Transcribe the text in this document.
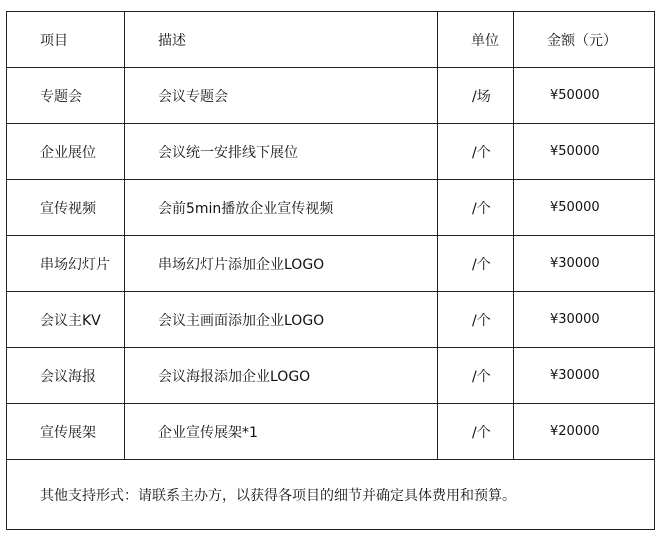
项目	描述	单位	金额（元）
专题会	会议专题会	/场	¥50000
企业展位	会议统一安排线下展位	/个	¥50000
宣传视频	会前5min播放企业宣传视频	/个	¥50000
串场幻灯片	串场幻灯片添加企业LOGO	/个	¥30000
会议主KV	会议主画面添加企业LOGO	/个	¥30000
会议海报	会议海报添加企业LOGO	/个	¥30000
宣传展架	企业宣传展架*1	/个	¥20000
其他支持形式：请联系主办方，以获得各项目的细节并确定具体费用和预算。			
